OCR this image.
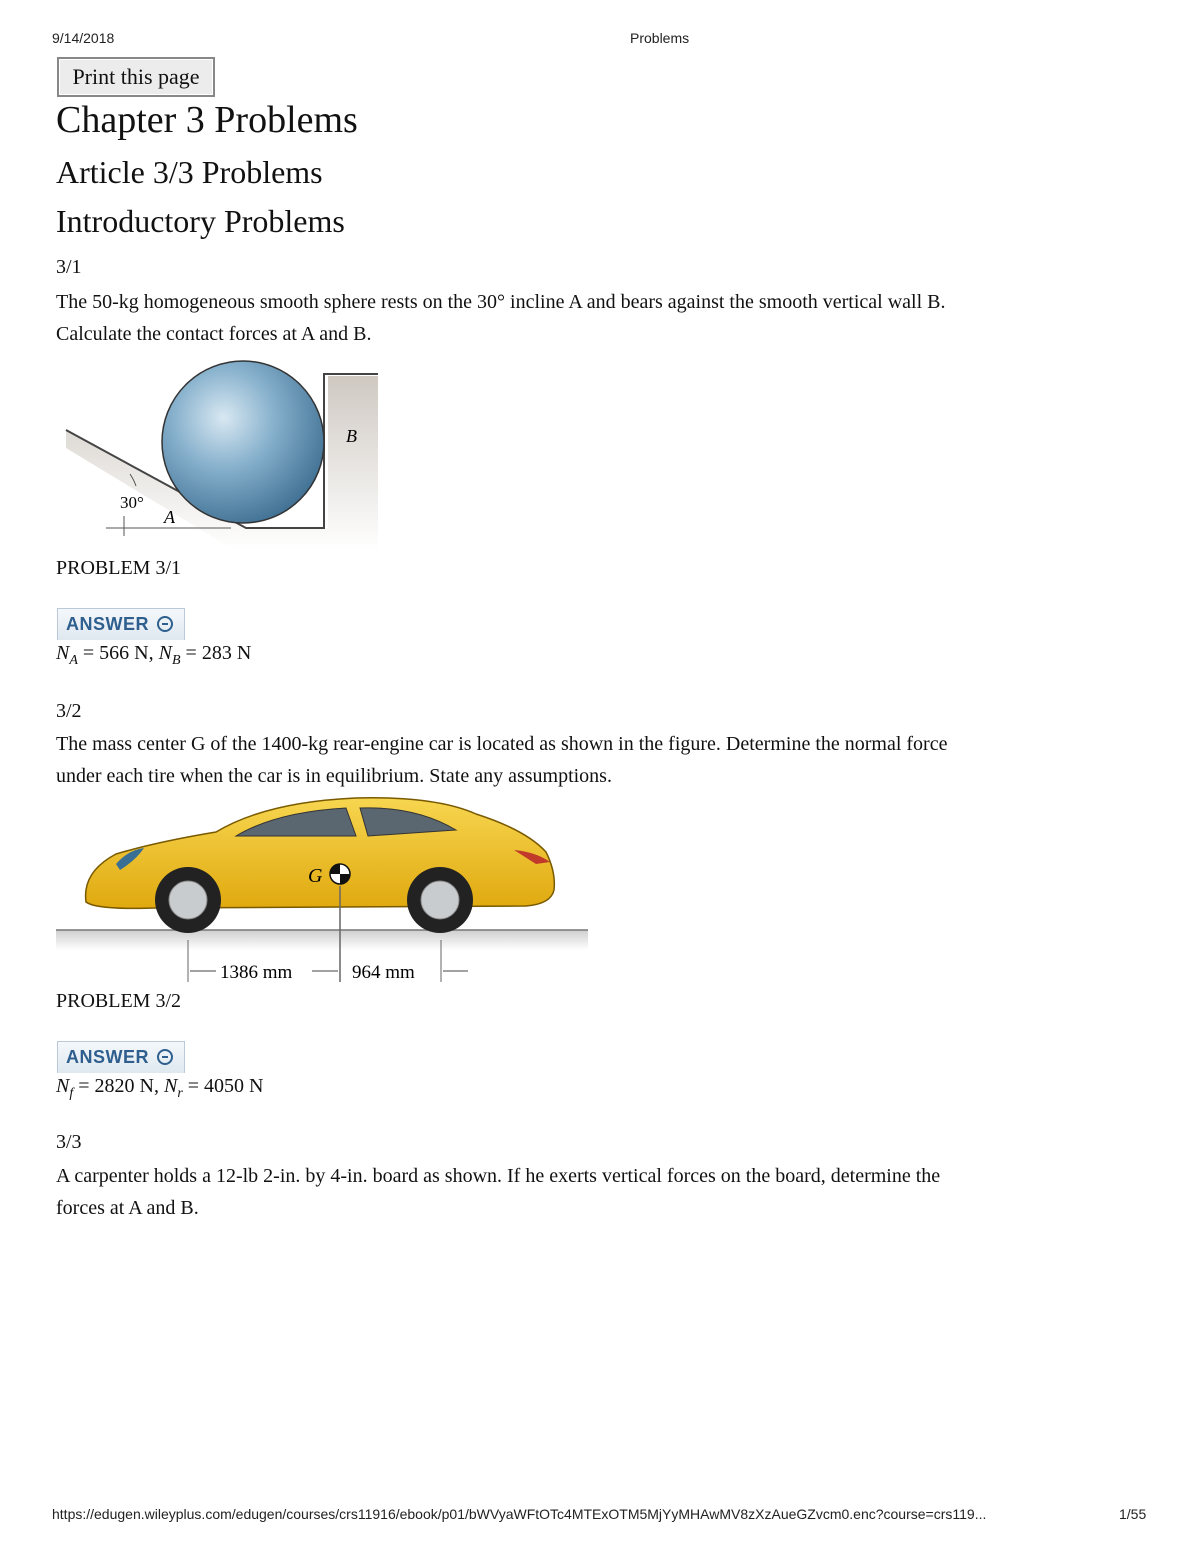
9/14/2018	Problems
Print this page
Chapter 3 Problems
Article 3/3 Problems
Introductory Problems
3/1

The 50-kg homogeneous smooth sphere rests on the 30° incline A and bears against the smooth vertical wall B.

Calculate the contact forces at A and B.

30°
A
B
PROBLEM 3/1
ANSWER
$N_A = 566$ N, $N_B = 283$ N
3/2

The mass center G of the 1400-kg rear-engine car is located as shown in the figure. Determine the normal force

under each tire when the car is in equilibrium. State any assumptions.

G
1386 mm	964 mm
PROBLEM 3/2
ANSWER
$N_f = 2820$ N, $N_r = 4050$ N
3/3

A carpenter holds a 12-lb 2-in. by 4-in. board as shown. If he exerts vertical forces on the board, determine the

forces at A and B.

https://edugen.wileyplus.com/edugen/courses/crs11916/ebook/p01/bWVyaWFtOTc4MTExOTM5MjYyMHAwMV8zXzAueGZvcm0.enc?course=crs119...	1/55
